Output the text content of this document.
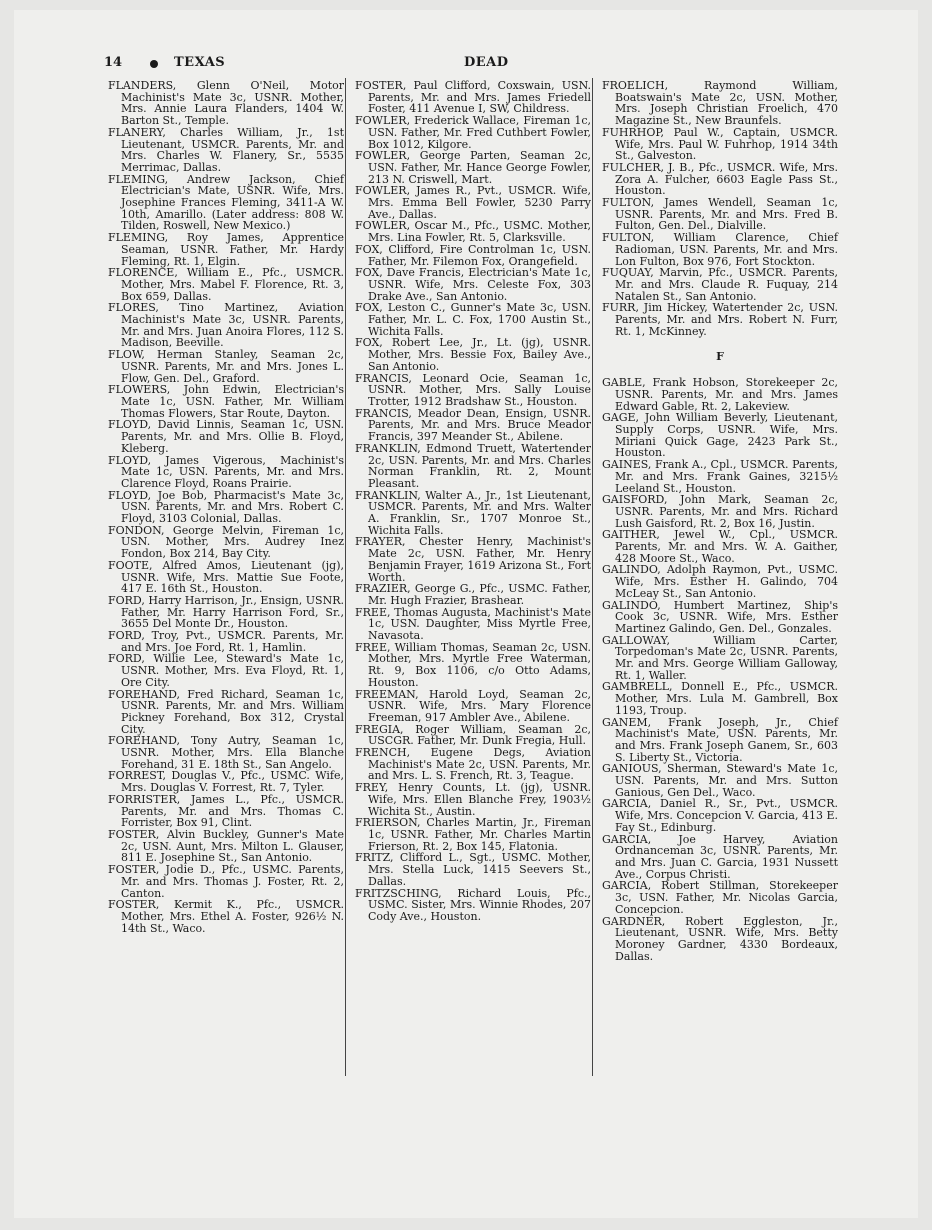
14	TEXAS	DEAD
FLANDERS, Glenn O'Neil, Motor Machinist's Mate 3c, USNR. Mother, Mrs. Annie Laura Flanders, 1404 W. Barton St., Temple.
FLANERY, Charles William, Jr., 1st Lieutenant, USMCR. Parents, Mr. and Mrs. Charles W. Flanery, Sr., 5535 Merrimac, Dallas.
FLEMING, Andrew Jackson, Chief Electrician's Mate, USNR. Wife, Mrs. Josephine Frances Fleming, 3411-A W. 10th, Amarillo. (Later address: 808 W. Tilden, Roswell, New Mexico.)
FLEMING, Roy James, Apprentice Seaman, USNR. Father, Mr. Hardy Fleming, Rt. 1, Elgin.
FLORENCE, William E., Pfc., USMCR. Mother, Mrs. Mabel F. Florence, Rt. 3, Box 659, Dallas.
FLORES, Tino Martinez, Aviation Machinist's Mate 3c, USNR. Parents, Mr. and Mrs. Juan Anoira Flores, 112 S. Madison, Beeville.
FLOW, Herman Stanley, Seaman 2c, USNR. Parents, Mr. and Mrs. Jones L. Flow, Gen. Del., Graford.
FLOWERS, John Edwin, Electrician's Mate 1c, USN. Father, Mr. William Thomas Flowers, Star Route, Dayton.
FLOYD, David Linnis, Seaman 1c, USN. Parents, Mr. and Mrs. Ollie B. Floyd, Kleberg.
FLOYD, James Vigerous, Machinist's Mate 1c, USN. Parents, Mr. and Mrs. Clarence Floyd, Roans Prairie.
FLOYD, Joe Bob, Pharmacist's Mate 3c, USN. Parents, Mr. and Mrs. Robert C. Floyd, 3103 Colonial, Dallas.
FONDON, George Melvin, Fireman 1c, USN. Mother, Mrs. Audrey Inez Fondon, Box 214, Bay City.
FOOTE, Alfred Amos, Lieutenant (jg), USNR. Wife, Mrs. Mattie Sue Foote, 417 E. 16th St., Houston.
FORD, Harry Harrison, Jr., Ensign, USNR. Father, Mr. Harry Harrison Ford, Sr., 3655 Del Monte Dr., Houston.
FORD, Troy, Pvt., USMCR. Parents, Mr. and Mrs. Joe Ford, Rt. 1, Hamlin.
FORD, Willie Lee, Steward's Mate 1c, USNR. Mother, Mrs. Eva Floyd, Rt. 1, Ore City.
FOREHAND, Fred Richard, Seaman 1c, USNR. Parents, Mr. and Mrs. William Pickney Forehand, Box 312, Crystal City.
FOREHAND, Tony Autry, Seaman 1c, USNR. Mother, Mrs. Ella Blanche Forehand, 31 E. 18th St., San Angelo.
FORREST, Douglas V., Pfc., USMC. Wife, Mrs. Douglas V. Forrest, Rt. 7, Tyler.
FORRISTER, James L., Pfc., USMCR. Parents, Mr. and Mrs. Thomas C. Forrister, Box 91, Clint.
FOSTER, Alvin Buckley, Gunner's Mate 2c, USN. Aunt, Mrs. Milton L. Glauser, 811 E. Josephine St., San Antonio.
FOSTER, Jodie D., Pfc., USMC. Parents, Mr. and Mrs. Thomas J. Foster, Rt. 2, Canton.
FOSTER, Kermit K., Pfc., USMCR. Mother, Mrs. Ethel A. Foster, 926½ N. 14th St., Waco.
FOSTER, Paul Clifford, Coxswain, USN. Parents, Mr. and Mrs. James Friedell Foster, 411 Avenue I, SW, Childress.
FOWLER, Frederick Wallace, Fireman 1c, USN. Father, Mr. Fred Cuthbert Fowler, Box 1012, Kilgore.
FOWLER, George Parten, Seaman 2c, USN. Father, Mr. Hance George Fowler, 213 N. Criswell, Mart.
FOWLER, James R., Pvt., USMCR. Wife, Mrs. Emma Bell Fowler, 5230 Parry Ave., Dallas.
FOWLER, Oscar M., Pfc., USMC. Mother, Mrs. Lina Fowler, Rt. 5, Clarksville.
FOX, Clifford, Fire Controlman 1c, USN. Father, Mr. Filemon Fox, Orangefield.
FOX, Dave Francis, Electrician's Mate 1c, USNR. Wife, Mrs. Celeste Fox, 303 Drake Ave., San Antonio.
FOX, Leston C., Gunner's Mate 3c, USN. Father, Mr. L. C. Fox, 1700 Austin St., Wichita Falls.
FOX, Robert Lee, Jr., Lt. (jg), USNR. Mother, Mrs. Bessie Fox, Bailey Ave., San Antonio.
FRANCIS, Leonard Ocie, Seaman 1c, USNR. Mother, Mrs. Sally Louise Trotter, 1912 Bradshaw St., Houston.
FRANCIS, Meador Dean, Ensign, USNR. Parents, Mr. and Mrs. Bruce Meador Francis, 397 Meander St., Abilene.
FRANKLIN, Edmond Truett, Watertender 2c, USN. Parents, Mr. and Mrs. Charles Norman Franklin, Rt. 2, Mount Pleasant.
FRANKLIN, Walter A., Jr., 1st Lieutenant, USMCR. Parents, Mr. and Mrs. Walter A. Franklin, Sr., 1707 Monroe St., Wichita Falls.
FRAYER, Chester Henry, Machinist's Mate 2c, USN. Father, Mr. Henry Benjamin Frayer, 1619 Arizona St., Fort Worth.
FRAZIER, George G., Pfc., USMC. Father, Mr. Hugh Frazier, Brashear.
FREE, Thomas Augusta, Machinist's Mate 1c, USN. Daughter, Miss Myrtle Free, Navasota.
FREE, William Thomas, Seaman 2c, USN. Mother, Mrs. Myrtle Free Waterman, Rt. 9, Box 1106, c/o Otto Adams, Houston.
FREEMAN, Harold Loyd, Seaman 2c, USNR. Wife, Mrs. Mary Florence Freeman, 917 Ambler Ave., Abilene.
FREGIA, Roger William, Seaman 2c, USCGR. Father, Mr. Dunk Fregia, Hull.
FRENCH, Eugene Degs, Aviation Machinist's Mate 2c, USN. Parents, Mr. and Mrs. L. S. French, Rt. 3, Teague.
FREY, Henry Counts, Lt. (jg), USNR. Wife, Mrs. Ellen Blanche Frey, 1903½ Wichita St., Austin.
FRIERSON, Charles Martin, Jr., Fireman 1c, USNR. Father, Mr. Charles Martin Frierson, Rt. 2, Box 145, Flatonia.
FRITZ, Clifford L., Sgt., USMC. Mother, Mrs. Stella Luck, 1415 Seevers St., Dallas.
FRITZSCHING, Richard Louis, Pfc., USMC. Sister, Mrs. Winnie Rhodes, 207 Cody Ave., Houston.
FROELICH, Raymond William, Boatswain's Mate 2c, USN. Mother, Mrs. Joseph Christian Froelich, 470 Magazine St., New Braunfels.
FUHRHOP, Paul W., Captain, USMCR. Wife, Mrs. Paul W. Fuhrhop, 1914 34th St., Galveston.
FULCHER, J. B., Pfc., USMCR. Wife, Mrs. Zora A. Fulcher, 6603 Eagle Pass St., Houston.
FULTON, James Wendell, Seaman 1c, USNR. Parents, Mr. and Mrs. Fred B. Fulton, Gen. Del., Dialville.
FULTON, William Clarence, Chief Radioman, USN. Parents, Mr. and Mrs. Lon Fulton, Box 976, Fort Stockton.
FUQUAY, Marvin, Pfc., USMCR. Parents, Mr. and Mrs. Claude R. Fuquay, 214 Natalen St., San Antonio.
FURR, Jim Hickey, Watertender 2c, USN. Parents, Mr. and Mrs. Robert N. Furr, Rt. 1, McKinney.
F
GABLE, Frank Hobson, Storekeeper 2c, USNR. Parents, Mr. and Mrs. James Edward Gable, Rt. 2, Lakeview.
GAGE, John William Beverly, Lieutenant, Supply Corps, USNR. Wife, Mrs. Miriani Quick Gage, 2423 Park St., Houston.
GAINES, Frank A., Cpl., USMCR. Parents, Mr. and Mrs. Frank Gaines, 3215½ Leeland St., Houston.
GAISFORD, John Mark, Seaman 2c, USNR. Parents, Mr. and Mrs. Richard Lush Gaisford, Rt. 2, Box 16, Justin.
GAITHER, Jewel W., Cpl., USMCR. Parents, Mr. and Mrs. W. A. Gaither, 428 Moore St., Waco.
GALINDO, Adolph Raymon, Pvt., USMC. Wife, Mrs. Esther H. Galindo, 704 McLeay St., San Antonio.
GALINDO, Humbert Martinez, Ship's Cook 3c, USNR. Wife, Mrs. Esther Martinez Galindo, Gen. Del., Gonzales.
GALLOWAY, William Carter, Torpedoman's Mate 2c, USNR. Parents, Mr. and Mrs. George William Galloway, Rt. 1, Waller.
GAMBRELL, Donnell E., Pfc., USMCR. Mother, Mrs. Lula M. Gambrell, Box 1193, Troup.
GANEM, Frank Joseph, Jr., Chief Machinist's Mate, USN. Parents, Mr. and Mrs. Frank Joseph Ganem, Sr., 603 S. Liberty St., Victoria.
GANIOUS, Sherman, Steward's Mate 1c, USN. Parents, Mr. and Mrs. Sutton Ganious, Gen Del., Waco.
GARCIA, Daniel R., Sr., Pvt., USMCR. Wife, Mrs. Concepcion V. Garcia, 413 E. Fay St., Edinburg.
GARCIA, Joe Harvey, Aviation Ordnanceman 3c, USNR. Parents, Mr. and Mrs. Juan C. Garcia, 1931 Nussett Ave., Corpus Christi.
GARCIA, Robert Stillman, Storekeeper 3c, USN. Father, Mr. Nicolas Garcia, Concepcion.
GARDNER, Robert Eggleston, Jr., Lieutenant, USNR. Wife, Mrs. Betty Moroney Gardner, 4330 Bordeaux, Dallas.
